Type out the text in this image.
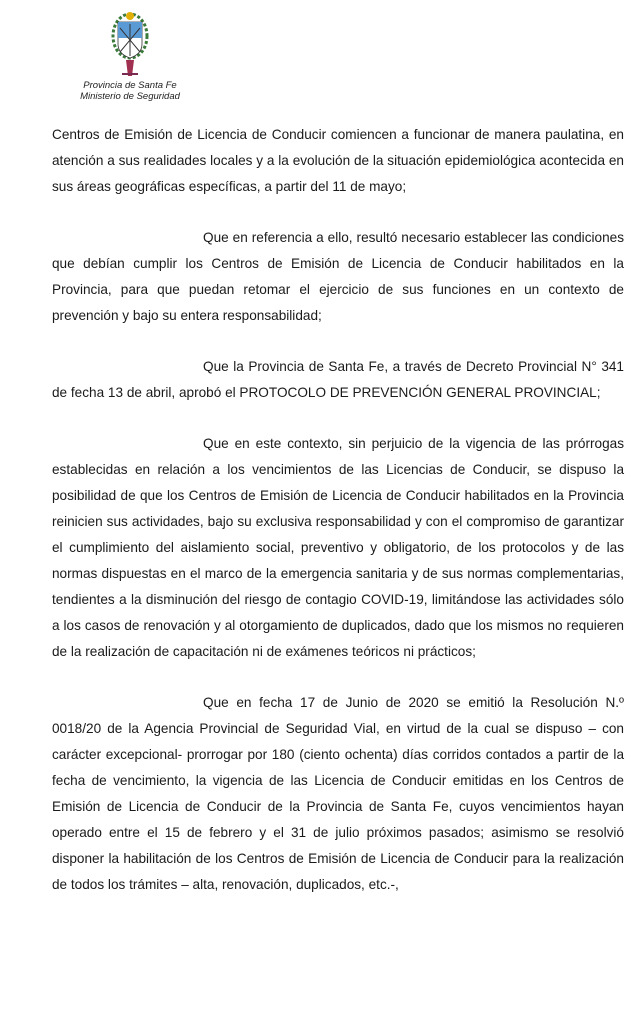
Provincia de Santa Fe
Ministerio de Seguridad

Centros de Emisión de Licencia de Conducir comiencen a funcionar de manera paulatina, en atención a sus realidades locales y a la evolución de la situación epidemiológica acontecida en sus áreas geográficas específicas, a partir del 11 de mayo;

Que en referencia a ello, resultó necesario establecer las condiciones que debían cumplir los Centros de Emisión de Licencia de Conducir habilitados en la Provincia, para que puedan retomar el ejercicio de sus funciones en un contexto de prevención y bajo su entera responsabilidad;

Que la Provincia de Santa Fe, a través de Decreto Provincial N° 341 de fecha 13 de abril, aprobó el PROTOCOLO DE PREVENCIÓN GENERAL PROVINCIAL;

Que en este contexto, sin perjuicio de la vigencia de las prórrogas establecidas en relación a los vencimientos de las Licencias de Conducir, se dispuso la posibilidad de que los Centros de Emisión de Licencia de Conducir habilitados en la Provincia reinicien sus actividades, bajo su exclusiva responsabilidad y con el compromiso de garantizar el cumplimiento del aislamiento social, preventivo y obligatorio, de los protocolos y de las normas dispuestas en el marco de la emergencia sanitaria y de sus normas complementarias, tendientes a la disminución del riesgo de contagio COVID-19, limitándose las actividades sólo a los casos de renovación y al otorgamiento de duplicados, dado que los mismos no requieren de la realización de capacitación ni de exámenes teóricos ni prácticos;

Que en fecha 17 de Junio de 2020 se emitió la Resolución N.º 0018/20 de la Agencia Provincial de Seguridad Vial, en virtud de la cual se dispuso – con carácter excepcional- prorrogar por 180 (ciento ochenta) días corridos contados a partir de la fecha de vencimiento, la vigencia de las Licencia de Conducir emitidas en los Centros de Emisión de Licencia de Conducir de la Provincia de Santa Fe, cuyos vencimientos hayan operado entre el 15 de febrero y el 31 de julio próximos pasados; asimismo se resolvió disponer la habilitación de los Centros de Emisión de Licencia de Conducir para la realización de todos los trámites – alta, renovación, duplicados, etc.-,
